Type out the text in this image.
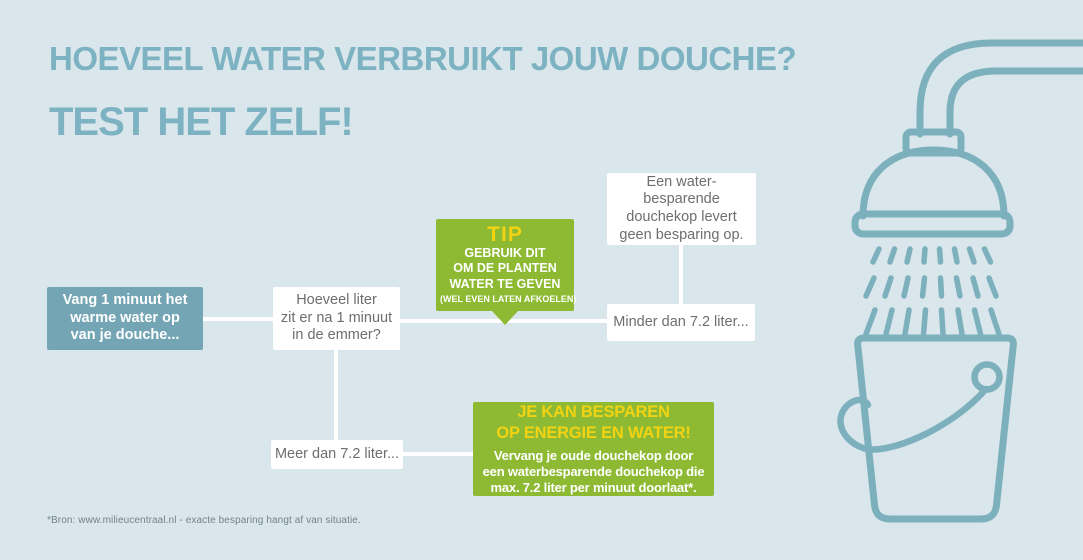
HOEVEEL WATER VERBRUIKT JOUW DOUCHE?
TEST HET ZELF!
Vang 1 minuut het
warme water op
van je douche...
Hoeveel liter
zit er na 1 minuut
in de emmer?
TIP
GEBRUIK DIT
OM DE PLANTEN
WATER TE GEVEN
(WEL EVEN LATEN AFKOELEN)
Een water-
besparende
douchekop levert
geen besparing op.
Minder dan 7.2 liter...
Meer dan 7.2 liter...
JE KAN BESPAREN
OP ENERGIE EN WATER!
Vervang je oude douchekop door
een waterbesparende douchekop die
max. 7.2 liter per minuut doorlaat*.
*Bron: www.milieucentraal.nl - exacte besparing hangt af van situatie.
